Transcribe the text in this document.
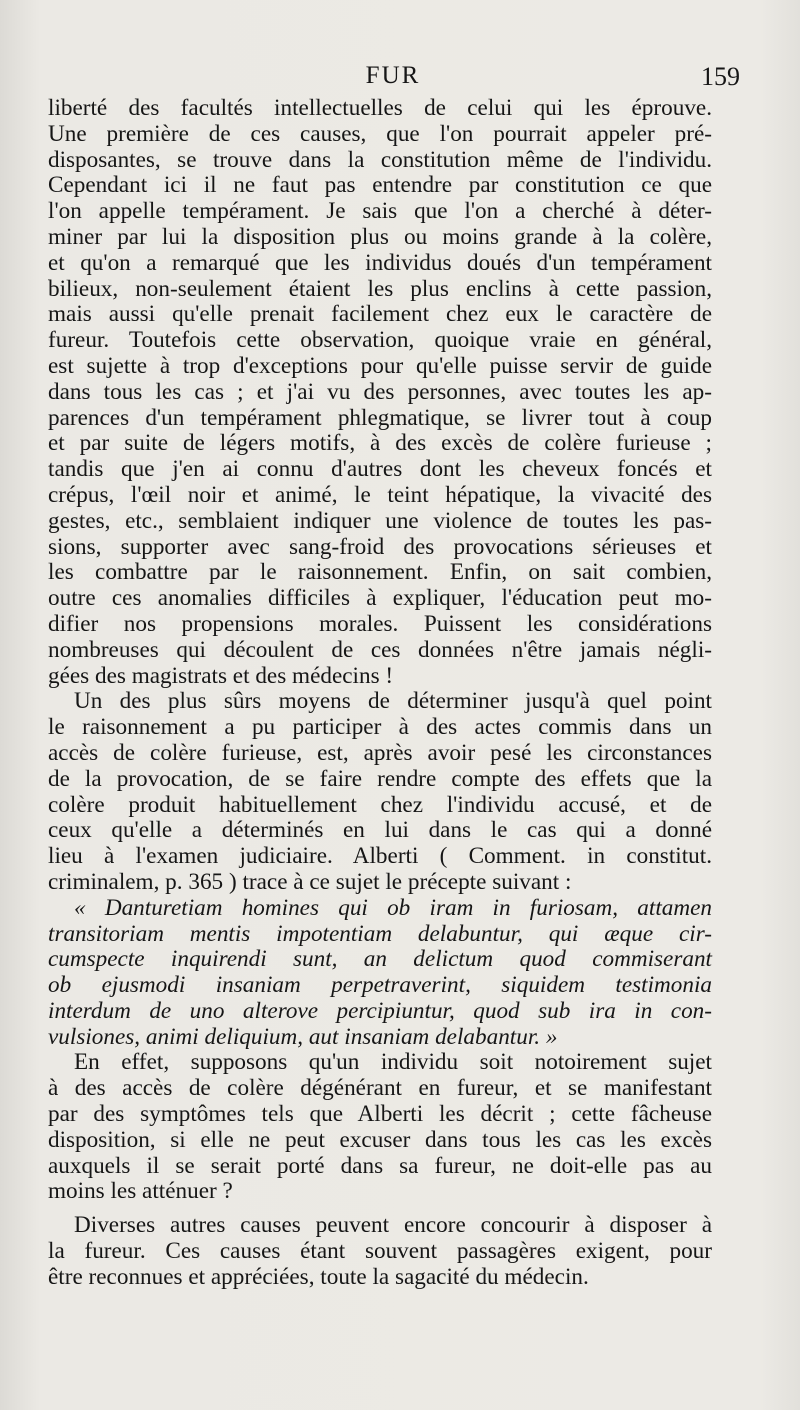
FUR	159
liberté des facultés intellectuelles de celui qui les éprouve.
Une première de ces causes, que l'on pourrait appeler pré-
disposantes, se trouve dans la constitution même de l'individu.
Cependant ici il ne faut pas entendre par constitution ce que
l'on appelle tempérament. Je sais que l'on a cherché à déter-
miner par lui la disposition plus ou moins grande à la colère,
et qu'on a remarqué que les individus doués d'un tempérament
bilieux, non-seulement étaient les plus enclins à cette passion,
mais aussi qu'elle prenait facilement chez eux le caractère de
fureur. Toutefois cette observation, quoique vraie en général,
est sujette à trop d'exceptions pour qu'elle puisse servir de guide
dans tous les cas ; et j'ai vu des personnes, avec toutes les ap-
parences d'un tempérament phlegmatique, se livrer tout à coup
et par suite de légers motifs, à des excès de colère furieuse ;
tandis que j'en ai connu d'autres dont les cheveux foncés et
crépus, l'œil noir et animé, le teint hépatique, la vivacité des
gestes, etc., semblaient indiquer une violence de toutes les pas-
sions, supporter avec sang-froid des provocations sérieuses et
les combattre par le raisonnement. Enfin, on sait combien,
outre ces anomalies difficiles à expliquer, l'éducation peut mo-
difier nos propensions morales. Puissent les considérations
nombreuses qui découlent de ces données n'être jamais négli-
gées des magistrats et des médecins !
Un des plus sûrs moyens de déterminer jusqu'à quel point
le raisonnement a pu participer à des actes commis dans un
accès de colère furieuse, est, après avoir pesé les circonstances
de la provocation, de se faire rendre compte des effets que la
colère produit habituellement chez l'individu accusé, et de
ceux qu'elle a déterminés en lui dans le cas qui a donné
lieu à l'examen judiciaire. Alberti ( Comment. in constitut.
criminalem, p. 365 ) trace à ce sujet le précepte suivant :
« Danturetiam homines qui ob iram in furiosam, attamen
transitoriam mentis impotentiam delabuntur, qui æque cir-
cumspecte inquirendi sunt, an delictum quod commiserant
ob ejusmodi insaniam perpetraverint, siquidem testimonia
interdum de uno alterove percipiuntur, quod sub ira in con-
vulsiones, animi deliquium, aut insaniam delabantur. »
En effet, supposons qu'un individu soit notoirement sujet
à des accès de colère dégénérant en fureur, et se manifestant
par des symptômes tels que Alberti les décrit ; cette fâcheuse
disposition, si elle ne peut excuser dans tous les cas les excès
auxquels il se serait porté dans sa fureur, ne doit-elle pas au
moins les atténuer ?
Diverses autres causes peuvent encore concourir à disposer à
la fureur. Ces causes étant souvent passagères exigent, pour
être reconnues et appréciées, toute la sagacité du médecin.
